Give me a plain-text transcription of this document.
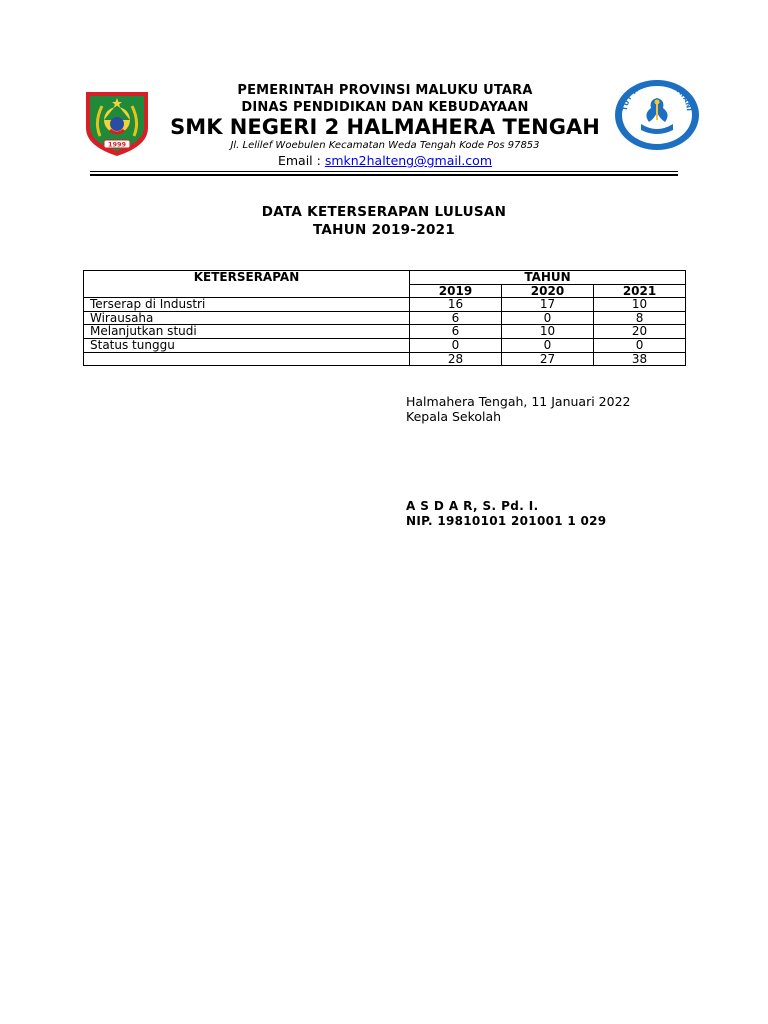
1999
TUT WURI HANDAYANI
PEMERINTAH PROVINSI MALUKU UTARA
DINAS PENDIDIKAN DAN KEBUDAYAAN
SMK NEGERI 2 HALMAHERA TENGAH
Jl. Lelilef Woebulen Kecamatan Weda Tengah Kode Pos 97853
Email : smkn2halteng@gmail.com
DATA KETERSERAPAN LULUSAN
TAHUN 2019-2021
KETERSERAPAN	TAHUN		
	2019	2020	2021
Terserap di Industri	16	17	10
Wirausaha	6	0	8
Melanjutkan studi	6	10	20
Status tunggu	0	0	0
	28	27	38
Halmahera Tengah, 11 Januari 2022
Kepala Sekolah
A S D A R, S. Pd. I.
NIP. 19810101 201001 1 029
